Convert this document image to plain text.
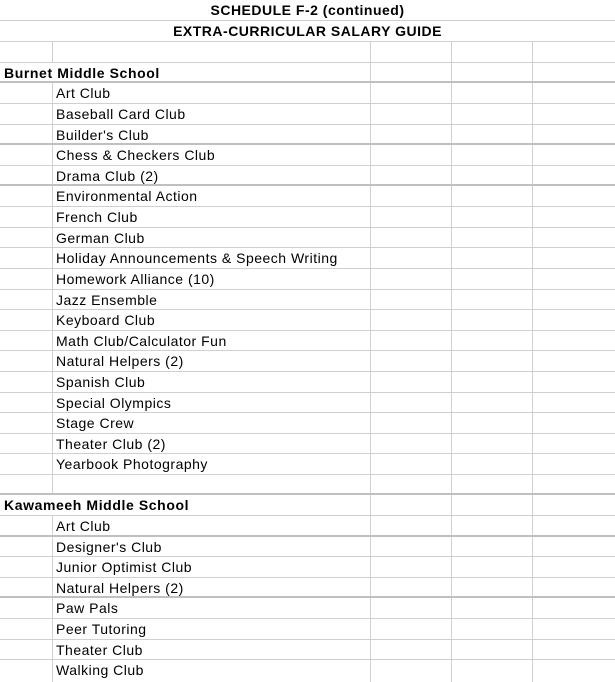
SCHEDULE F-2 (continued)
EXTRA-CURRICULAR SALARY GUIDE
Burnet Middle School
Art Club
Baseball Card Club
Builder's Club
Chess & Checkers Club
Drama Club (2)
Environmental Action
French Club
German Club
Holiday Announcements & Speech Writing
Homework Alliance (10)
Jazz Ensemble
Keyboard Club
Math Club/Calculator Fun
Natural Helpers (2)
Spanish Club
Special Olympics
Stage Crew
Theater Club (2)
Yearbook Photography
Kawameeh Middle School
Art Club
Designer's Club
Junior Optimist Club
Natural Helpers (2)
Paw Pals
Peer Tutoring
Theater Club
Walking Club
